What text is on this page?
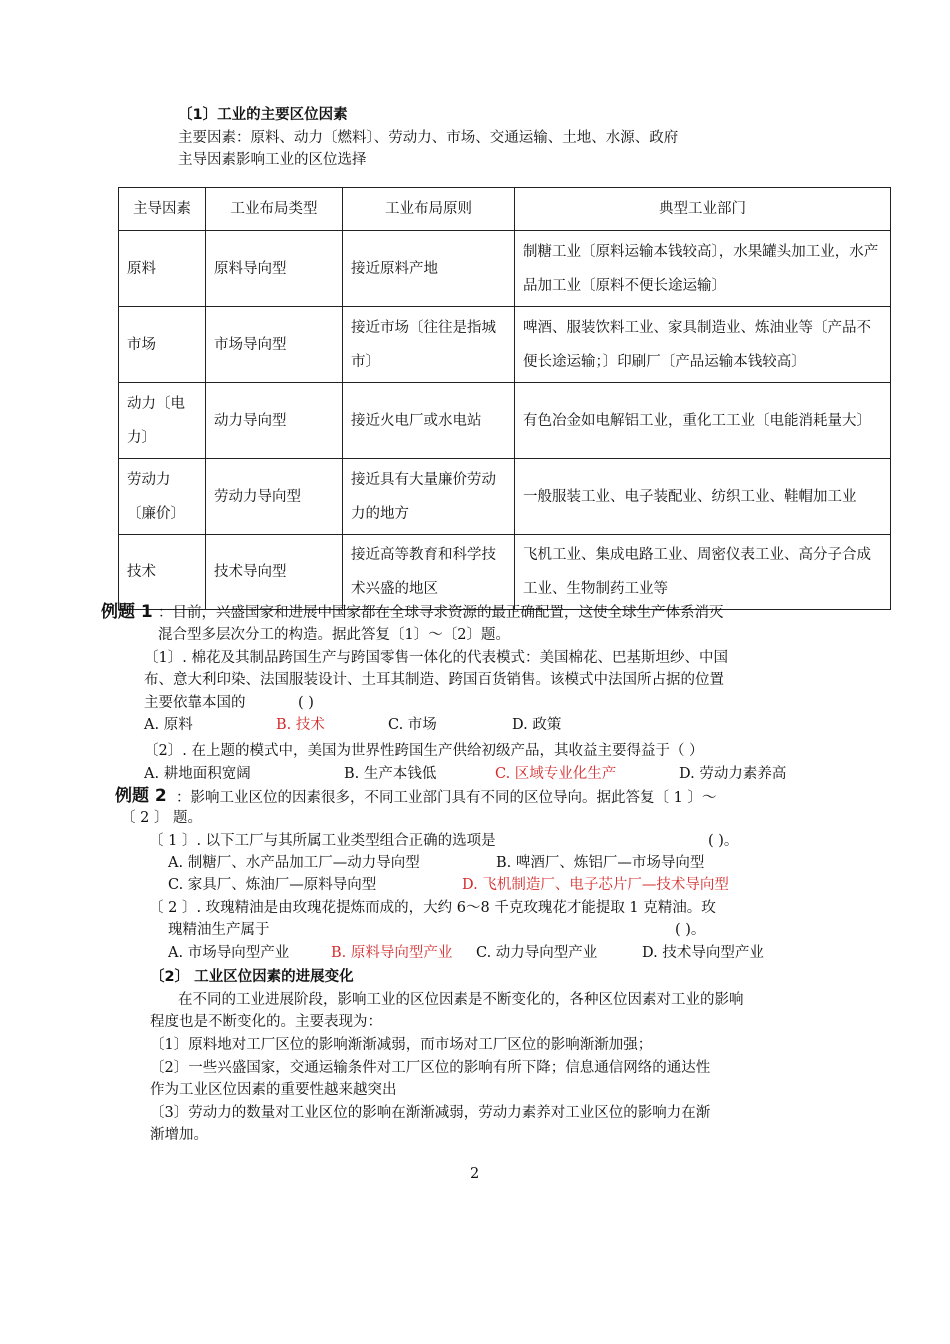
〔1〕工业的主要区位因素
主要因素：原料、动力〔燃料〕、劳动力、市场、交通运输、土地、水源、政府
主导因素影响工业的区位选择
主导因素	工业布局类型	工业布局原则	典型工业部门
原料	原料导向型	接近原料产地	制糖工业〔原料运输本钱较高〕，水果罐头加工业，水产品加工业〔原料不便长途运输〕
市场	市场导向型	接近市场〔往往是指城市〕	啤酒、服装饮料工业、家具制造业、炼油业等〔产品不便长途运输；〕印刷厂〔产品运输本钱较高〕
动力〔电力〕	动力导向型	接近火电厂或水电站	有色冶金如电解铝工业，重化工工业〔电能消耗量大〕
劳动力〔廉价〕	劳动力导向型	接近具有大量廉价劳动力的地方	一般服装工业、电子装配业、纺织工业、鞋帽加工业
技术	技术导向型	接近高等教育和科学技术兴盛的地区	飞机工业、集成电路工业、周密仪表工业、高分子合成工业、生物制药工业等
例题 1 ：目前，兴盛国家和进展中国家都在全球寻求资源的最正确配置，这使全球生产体系消灭
混合型多层次分工的构造。据此答复〔1〕～〔2〕题。
〔1〕. 棉花及其制品跨国生产与跨国零售一体化的代表模式：美国棉花、巴基斯坦纱、中国
布、意大利印染、法国服装设计、土耳其制造、跨国百货销售。该模式中法国所占据的位置
主要依靠本国的	( )
A. 原料	B. 技术	C. 市场	D. 政策
〔2〕. 在上题的模式中，美国为世界性跨国生产供给初级产品，其收益主要得益于（ ）
A. 耕地面积宽阔	B. 生产本钱低	C. 区域专业化生产	D. 劳动力素养高
例题 2 ：影响工业区位的因素很多，不同工业部门具有不同的区位导向。据此答复〔 1 〕～
〔 2 〕 题。
〔 1 〕. 以下工厂与其所属工业类型组合正确的选项是	( )。
A. 制糖厂、水产品加工厂—动力导向型	B. 啤酒厂、炼铝厂—市场导向型
C. 家具厂、炼油厂—原料导向型	D. 飞机制造厂、电子芯片厂—技术导向型
〔 2 〕. 玫瑰精油是由玫瑰花提炼而成的，大约 6～8 千克玫瑰花才能提取 1 克精油。玫
瑰精油生产属于	( )。
A. 市场导向型产业	B. 原料导向型产业 C. 动力导向型产业	D. 技术导向型产业
〔2〕 工业区位因素的进展变化
在不同的工业进展阶段，影响工业的区位因素是不断变化的，各种区位因素对工业的影响
程度也是不断变化的。主要表现为：
〔1〕原料地对工厂区位的影响渐渐减弱，而市场对工厂区位的影响渐渐加强；
〔2〕一些兴盛国家，交通运输条件对工厂区位的影响有所下降；信息通信网络的通达性
作为工业区位因素的重要性越来越突出
〔3〕劳动力的数量对工业区位的影响在渐渐减弱，劳动力素养对工业区位的影响力在渐
渐增加。
2
